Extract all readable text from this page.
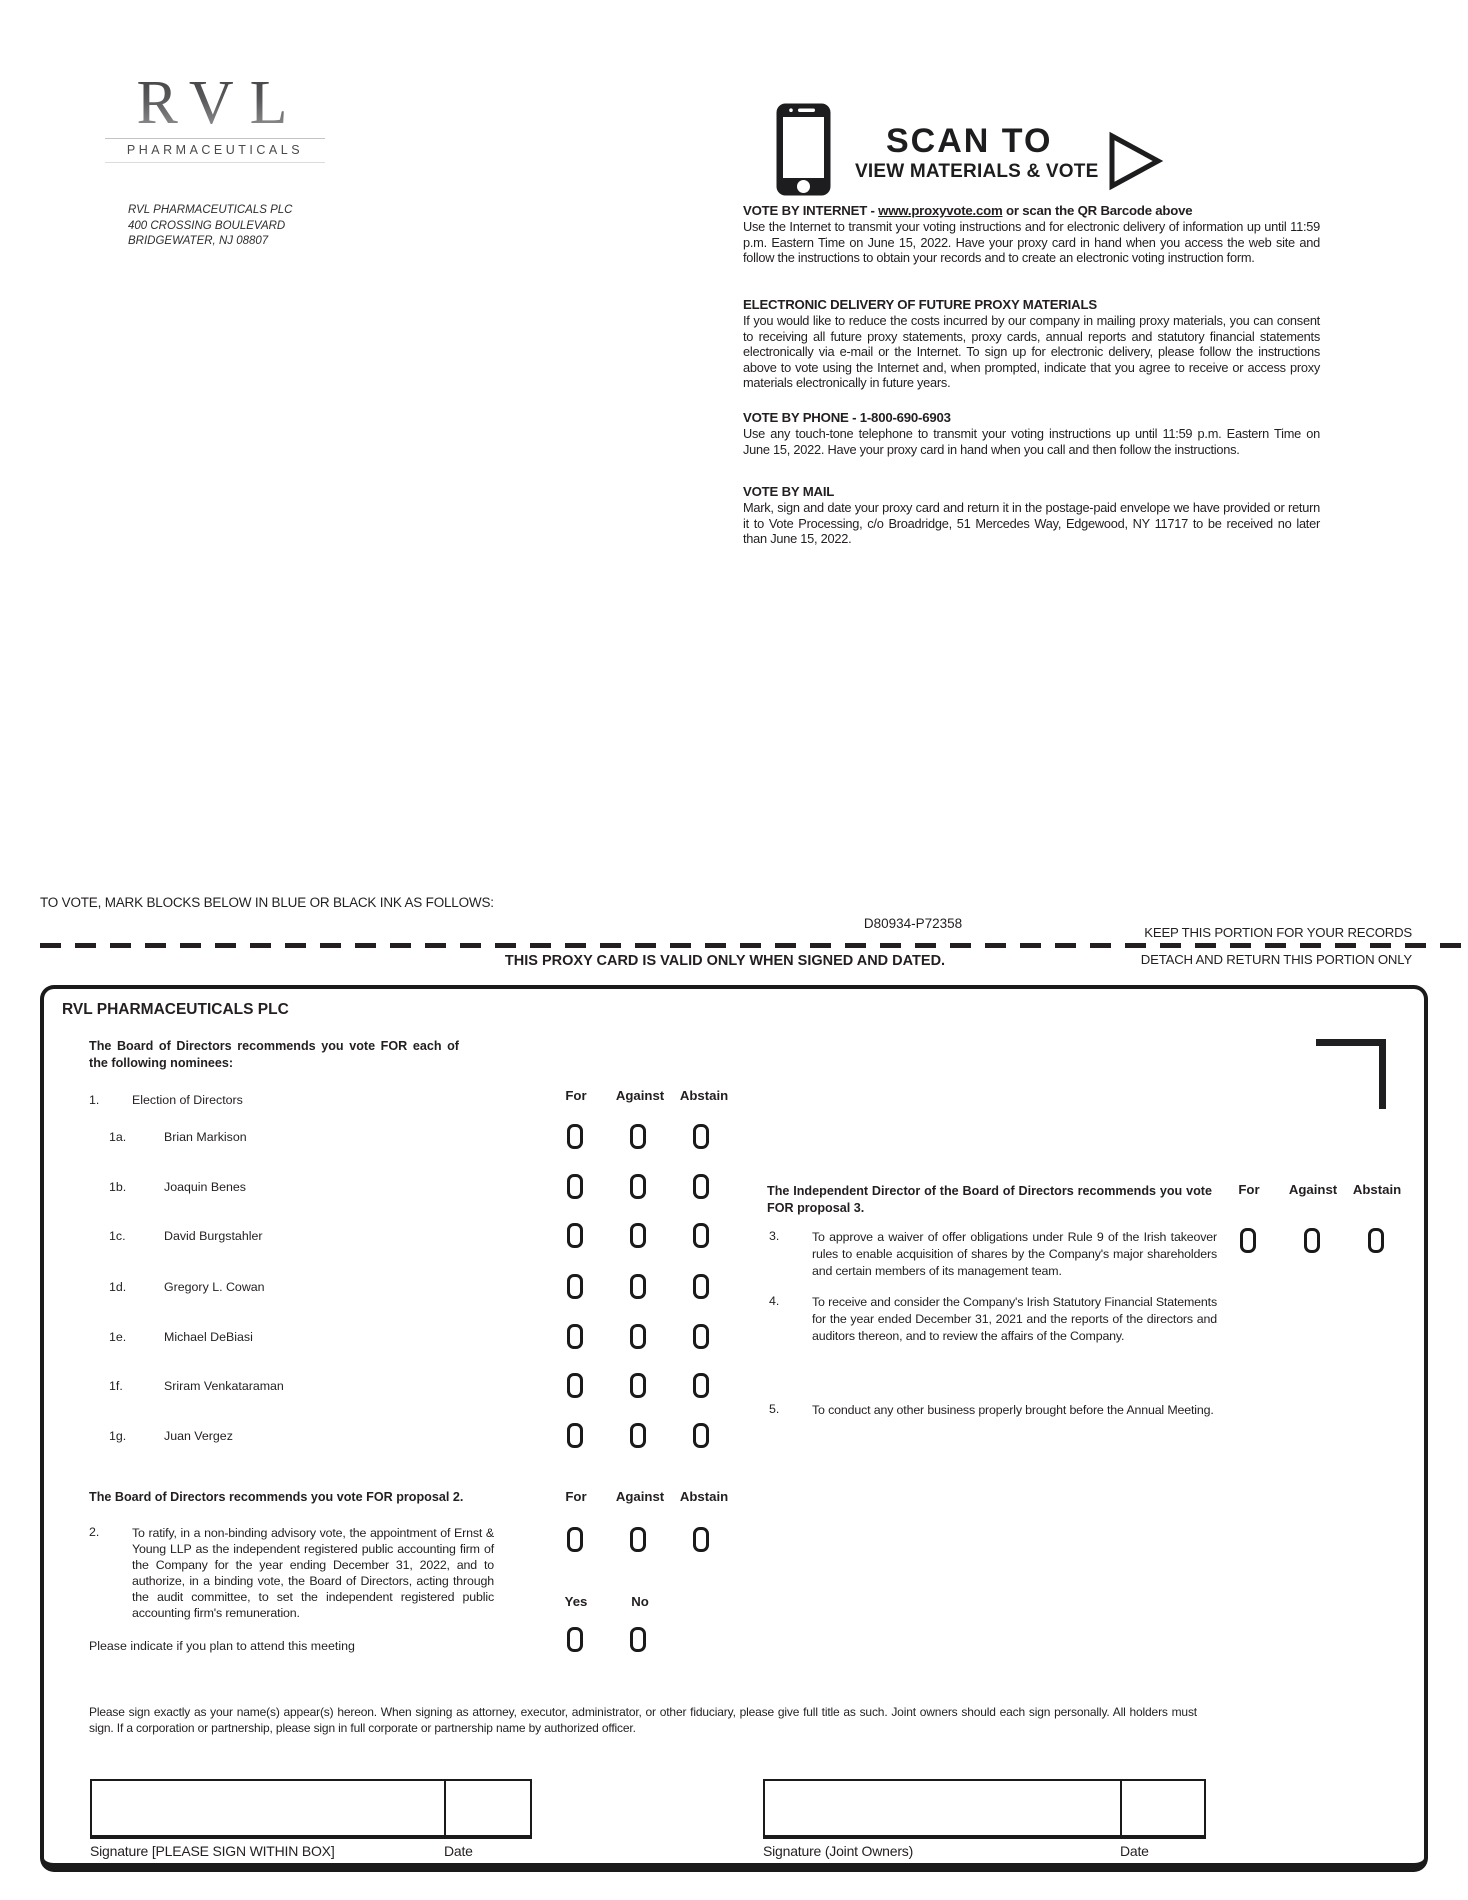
RVL
PHARMACEUTICALS
RVL PHARMACEUTICALS PLC
400 CROSSING BOULEVARD
BRIDGEWATER, NJ 08807
SCAN TO
VIEW MATERIALS & VOTE
VOTE BY INTERNET - www.proxyvote.com or scan the QR Barcode above

Use the Internet to transmit your voting instructions and for electronic delivery of information up until 11:59 p.m. Eastern Time on June 15, 2022. Have your proxy card in hand when you access the web site and follow the instructions to obtain your records and to create an electronic voting instruction form.

ELECTRONIC DELIVERY OF FUTURE PROXY MATERIALS

If you would like to reduce the costs incurred by our company in mailing proxy materials, you can consent to receiving all future proxy statements, proxy cards, annual reports and statutory financial statements electronically via e-mail or the Internet. To sign up for electronic delivery, please follow the instructions above to vote using the Internet and, when prompted, indicate that you agree to receive or access proxy materials electronically in future years.

VOTE BY PHONE - 1-800-690-6903

Use any touch-tone telephone to transmit your voting instructions up until 11:59 p.m. Eastern Time on June 15, 2022. Have your proxy card in hand when you call and then follow the instructions.

VOTE BY MAIL

Mark, sign and date your proxy card and return it in the postage-paid envelope we have provided or return it to Vote Processing, c/o Broadridge, 51 Mercedes Way, Edgewood, NY 11717 to be received no later than June 15, 2022.

TO VOTE, MARK BLOCKS BELOW IN BLUE OR BLACK INK AS FOLLOWS:
D80934-P72358
KEEP THIS PORTION FOR YOUR RECORDS
DETACH AND RETURN THIS PORTION ONLY
THIS PROXY CARD IS VALID ONLY WHEN SIGNED AND DATED.
RVL PHARMACEUTICALS PLC
The Board of Directors recommends you vote FOR each of the following nominees:
1.	Election of Directors	For	Against	Abstain
1a.	Brian Markison
1b.	Joaquin Benes
1c.	David Burgstahler
1d.	Gregory L. Cowan
1e.	Michael DeBiasi
1f.	Sriram Venkataraman
1g.	Juan Vergez
The Independent Director of the Board of Directors recommends you vote FOR proposal 3.
For	Against	Abstain
3.	To approve a waiver of offer obligations under Rule 9 of the Irish takeover rules to enable acquisition of shares by the Company's major shareholders and certain members of its management team.
4.	To receive and consider the Company's Irish Statutory Financial Statements for the year ended December 31, 2021 and the reports of the directors and auditors thereon, and to review the affairs of the Company.
5.	To conduct any other business properly brought before the Annual Meeting.
The Board of Directors recommends you vote FOR proposal 2.	For	Against	Abstain
2.	To ratify, in a non-binding advisory vote, the appointment of Ernst & Young LLP as the independent registered public accounting firm of the Company for the year ending December 31, 2022, and to authorize, in a binding vote, the Board of Directors, acting through the audit committee, to set the independent registered public accounting firm's remuneration.
Yes	No
Please indicate if you plan to attend this meeting
Please sign exactly as your name(s) appear(s) hereon. When signing as attorney, executor, administrator, or other fiduciary, please give full title as such. Joint owners should each sign personally. All holders must sign. If a corporation or partnership, please sign in full corporate or partnership name by authorized officer.
Signature [PLEASE SIGN WITHIN BOX]	Date	Signature (Joint Owners)	Date
